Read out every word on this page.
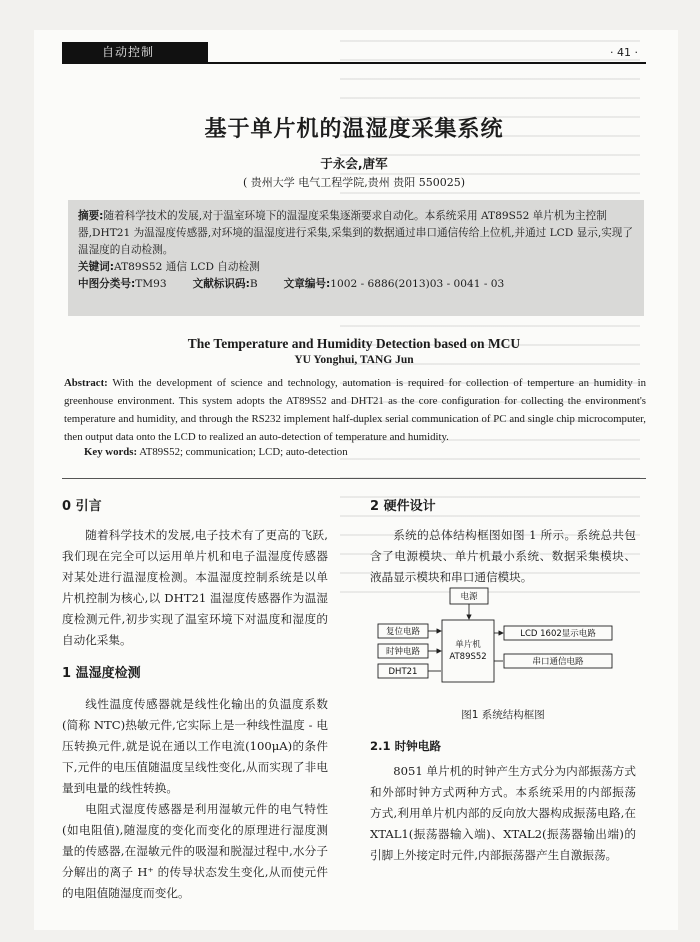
自动控制	· 41 ·
基于单片机的温湿度采集系统
于永会,唐军
( 贵州大学 电气工程学院,贵州 贵阳 550025)
摘要:随着科学技术的发展,对于温室环境下的温湿度采集逐渐要求自动化。本系统采用 AT89S52 单片机为主控制器,DHT21 为温湿度传感器,对环境的温湿度进行采集,采集到的数据通过串口通信传给上位机,并通过 LCD 显示,实现了温湿度的自动检测。
关键词:AT89S52 通信 LCD 自动检测
中图分类号:TM93 文献标识码:B 文章编号:1002 - 6886(2013)03 - 0041 - 03
The Temperature and Humidity Detection based on MCU
YU Yonghui, TANG Jun
Abstract: With the development of science and technology, automation is required for collection of temperture an humidity in greenhouse environment. This system adopts the AT89S52 and DHT21 as the core configuration for collecting the environment's temperature and humidity, and through the RS232 implement half-duplex serial communication of PC and single chip microcomputer, then output data onto the LCD to realized an auto-detection of temperature and humidity.
Key words: AT89S52; communication; LCD; auto-detection
0 引言

随着科学技术的发展,电子技术有了更高的飞跃,我们现在完全可以运用单片机和电子温湿度传感器对某处进行温湿度检测。本温湿度控制系统是以单片机控制为核心,以 DHT21 温湿度传感器作为温湿度检测元件,初步实现了温室环境下对温度和湿度的自动化采集。

1 温湿度检测

线性温度传感器就是线性化输出的负温度系数(简称 NTC)热敏元件,它实际上是一种线性温度 - 电压转换元件,就是说在通以工作电流(100μA)的条件下,元件的电压值随温度呈线性变化,从而实现了非电量到电量的线性转换。

电阻式湿度传感器是利用湿敏元件的电气特性(如电阻值),随湿度的变化而变化的原理进行湿度测量的传感器,在湿敏元件的吸湿和脱湿过程中,水分子分解出的离子 H⁺ 的传导状态发生变化,从而使元件的电阻值随湿度而变化。

2 硬件设计

系统的总体结构框图如图 1 所示。系统总共包含了电源模块、单片机最小系统、数据采集模块、液晶显示模块和串口通信模块。

电源
复位电路
时钟电路
DHT21
单片机
AT89S52
LCD 1602显示电路
串口通信电路
图1 系统结构框图
2.1 时钟电路

8051 单片机的时钟产生方式分为内部振荡方式和外部时钟方式两种方式。本系统采用的内部振荡方式,利用单片机内部的反向放大器构成振荡电路,在 XTAL1(振荡器输入端)、XTAL2(振荡器输出端)的引脚上外接定时元件,内部振荡器产生自激振荡。
